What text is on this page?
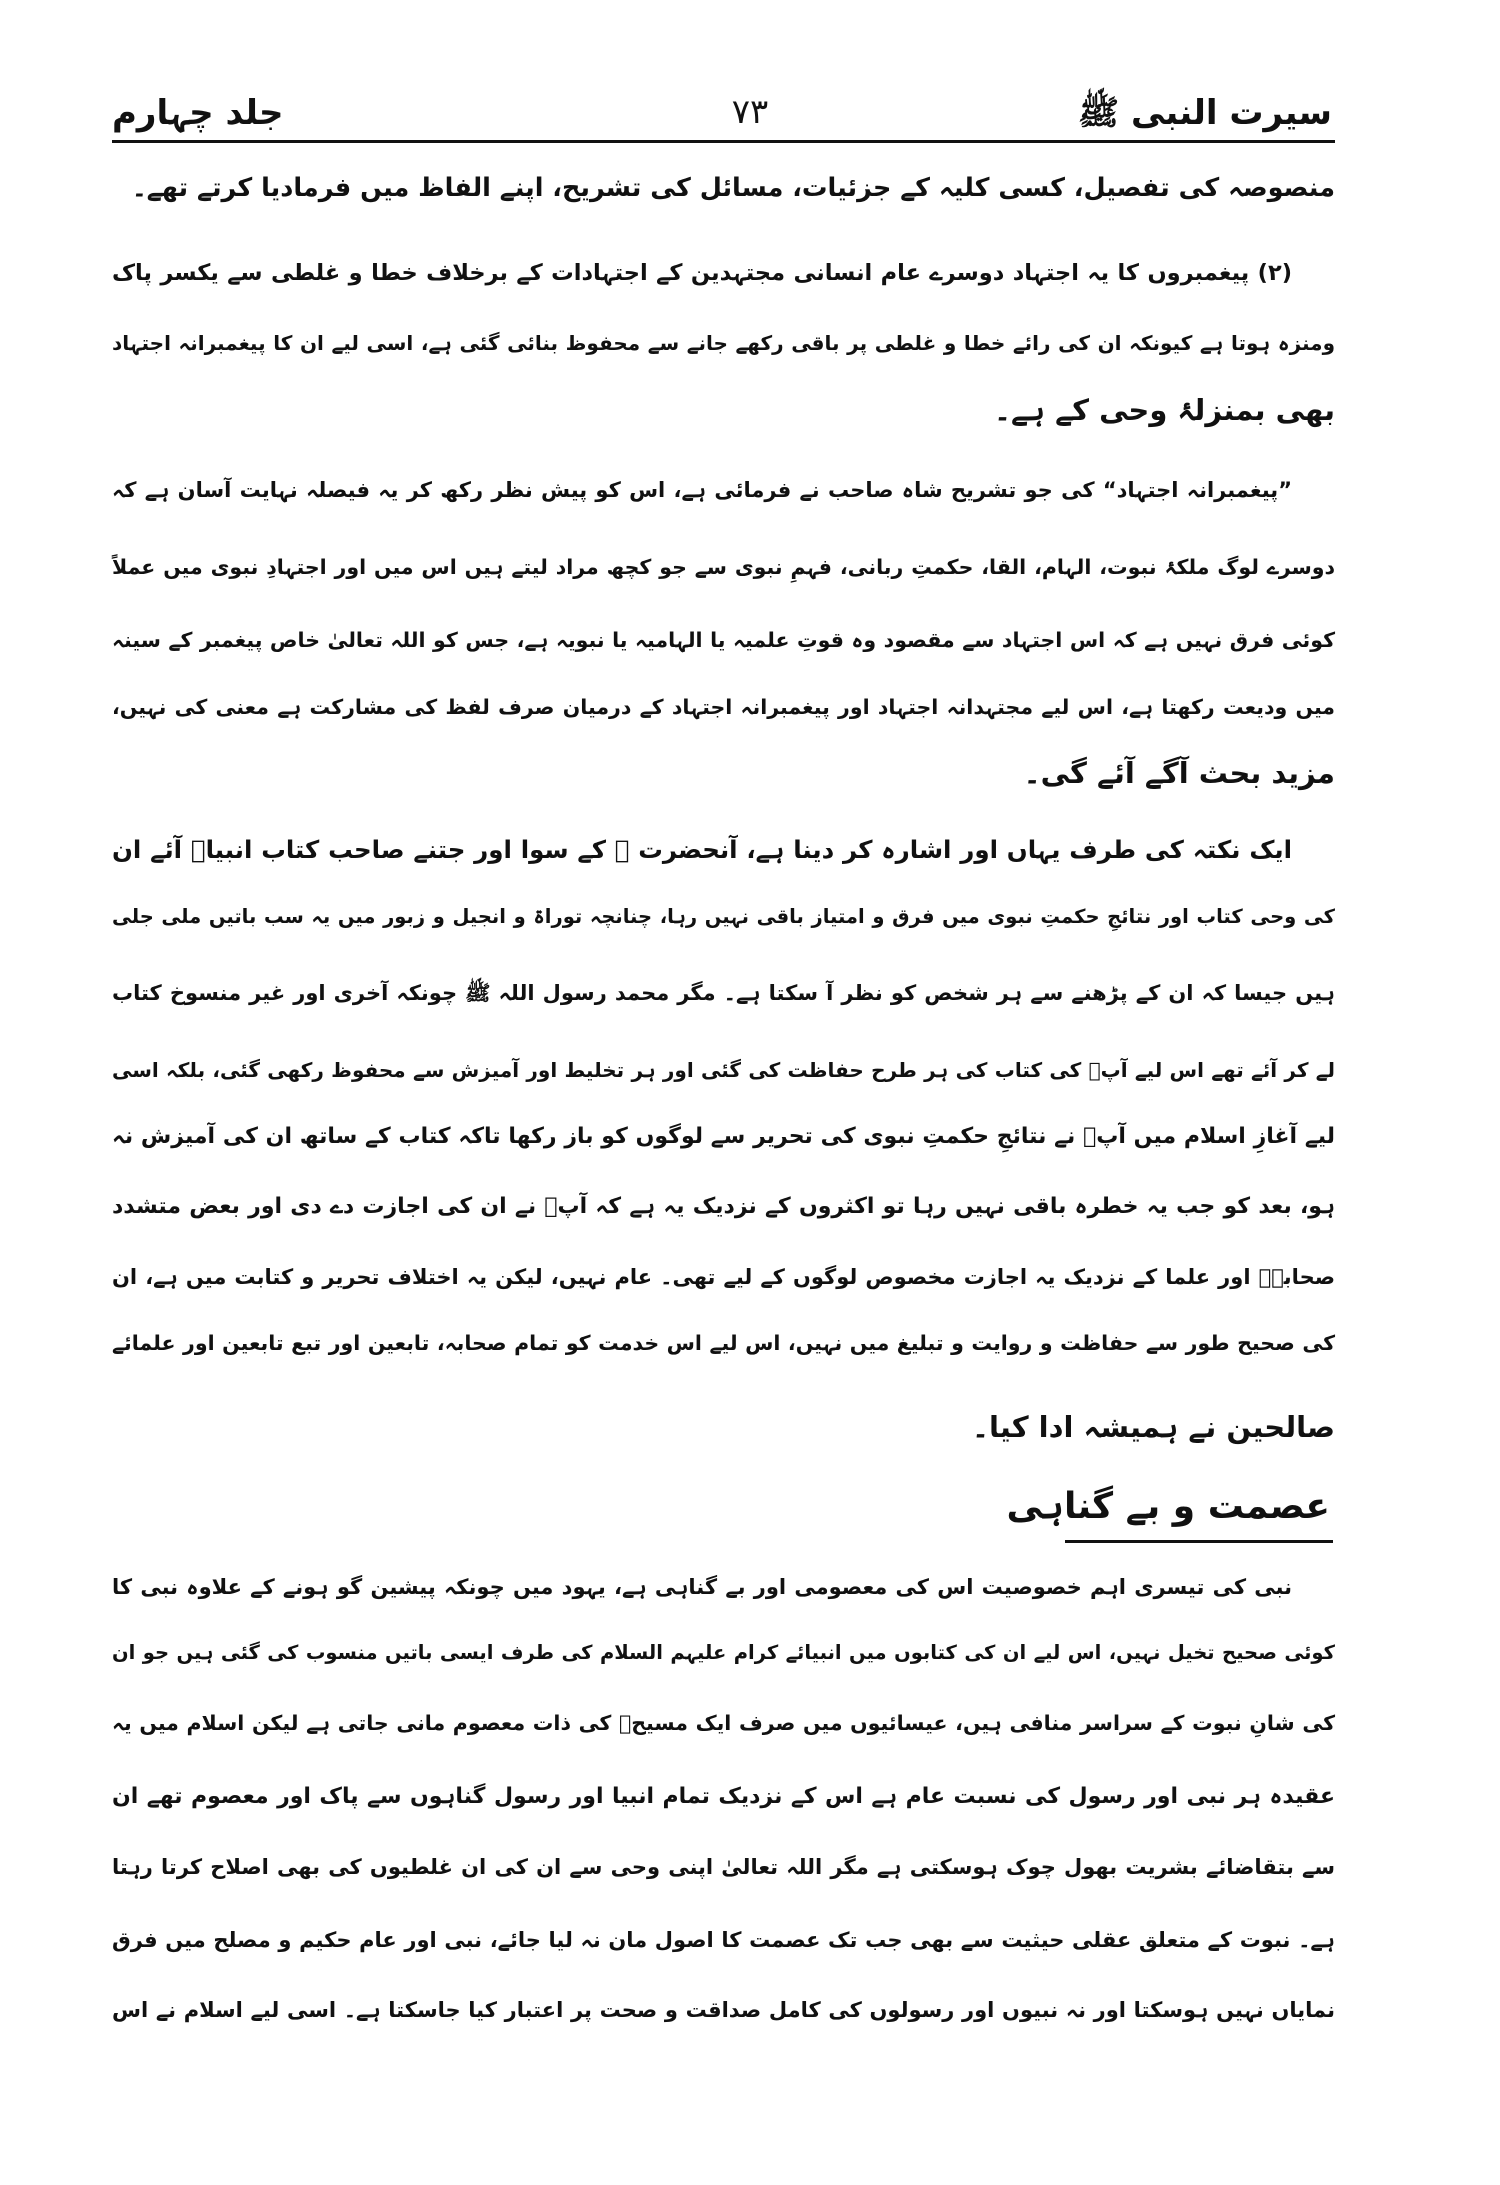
سیرت النبی ﷺ
۷۳
جلد چہارم
منصوصہ کی تفصیل، کسی کلیہ کے جزئیات، مسائل کی تشریح، اپنے الفاظ میں فرمادیا کرتے تھے۔
(۲) پیغمبروں کا یہ اجتہاد دوسرے عام انسانی مجتہدین کے اجتہادات کے برخلاف خطا و غلطی سے یکسر پاک
ومنزہ ہوتا ہے کیونکہ ان کی رائے خطا و غلطی پر باقی رکھے جانے سے محفوظ بنائی گئی ہے، اسی لیے ان کا پیغمبرانہ اجتہاد
بھی بمنزلۂ وحی کے ہے۔
”پیغمبرانہ اجتہاد“ کی جو تشریح شاہ صاحب نے فرمائی ہے، اس کو پیش نظر رکھ کر یہ فیصلہ نہایت آسان ہے کہ
دوسرے لوگ ملکۂ نبوت، الہام، القا، حکمتِ ربانی، فہمِ نبوی سے جو کچھ مراد لیتے ہیں اس میں اور اجتہادِ نبوی میں عملاً
کوئی فرق نہیں ہے کہ اس اجتہاد سے مقصود وہ قوتِ علمیہ یا الہامیہ یا نبویہ ہے، جس کو اللہ تعالیٰ خاص پیغمبر کے سینہ
میں ودیعت رکھتا ہے، اس لیے مجتہدانہ اجتہاد اور پیغمبرانہ اجتہاد کے درمیان صرف لفظ کی مشارکت ہے معنی کی نہیں،
مزید بحث آگے آئے گی۔
ایک نکتہ کی طرف یہاں اور اشارہ کر دینا ہے، آنحضرت ﷺ کے سوا اور جتنے صاحب کتاب انبیاؑ آئے ان
کی وحی کتاب اور نتائجِ حکمتِ نبوی میں فرق و امتیاز باقی نہیں رہا، چنانچہ توراۃ و انجیل و زبور میں یہ سب باتیں ملی جلی
ہیں جیسا کہ ان کے پڑھنے سے ہر شخص کو نظر آ سکتا ہے۔ مگر محمد رسول اللہ ﷺ چونکہ آخری اور غیر منسوخ کتاب
لے کر آئے تھے اس لیے آپؐ کی کتاب کی ہر طرح حفاظت کی گئی اور ہر تخلیط اور آمیزش سے محفوظ رکھی گئی، بلکہ اسی
لیے آغازِ اسلام میں آپؐ نے نتائجِ حکمتِ نبوی کی تحریر سے لوگوں کو باز رکھا تاکہ کتاب کے ساتھ ان کی آمیزش نہ
ہو، بعد کو جب یہ خطرہ باقی نہیں رہا تو اکثروں کے نزدیک یہ ہے کہ آپؐ نے ان کی اجازت دے دی اور بعض متشدد
صحابہؓ اور علما کے نزدیک یہ اجازت مخصوص لوگوں کے لیے تھی۔ عام نہیں، لیکن یہ اختلاف تحریر و کتابت میں ہے، ان
کی صحیح طور سے حفاظت و روایت و تبلیغ میں نہیں، اس لیے اس خدمت کو تمام صحابہ، تابعین اور تبع تابعین اور علمائے
صالحین نے ہمیشہ ادا کیا۔
عصمت و بے گناہی
نبی کی تیسری اہم خصوصیت اس کی معصومی اور بے گناہی ہے، یہود میں چونکہ پیشین گو ہونے کے علاوہ نبی کا
کوئی صحیح تخیل نہیں، اس لیے ان کی کتابوں میں انبیائے کرام علیہم السلام کی طرف ایسی باتیں منسوب کی گئی ہیں جو ان
کی شانِ نبوت کے سراسر منافی ہیں، عیسائیوں میں صرف ایک مسیحؑ کی ذات معصوم مانی جاتی ہے لیکن اسلام میں یہ
عقیدہ ہر نبی اور رسول کی نسبت عام ہے اس کے نزدیک تمام انبیا اور رسول گناہوں سے پاک اور معصوم تھے ان
سے بتقاضائے بشریت بھول چوک ہوسکتی ہے مگر اللہ تعالیٰ اپنی وحی سے ان کی ان غلطیوں کی بھی اصلاح کرتا رہتا
ہے۔ نبوت کے متعلق عقلی حیثیت سے بھی جب تک عصمت کا اصول مان نہ لیا جائے، نبی اور عام حکیم و مصلح میں فرق
نمایاں نہیں ہوسکتا اور نہ نبیوں اور رسولوں کی کامل صداقت و صحت پر اعتبار کیا جاسکتا ہے۔ اسی لیے اسلام نے اس
